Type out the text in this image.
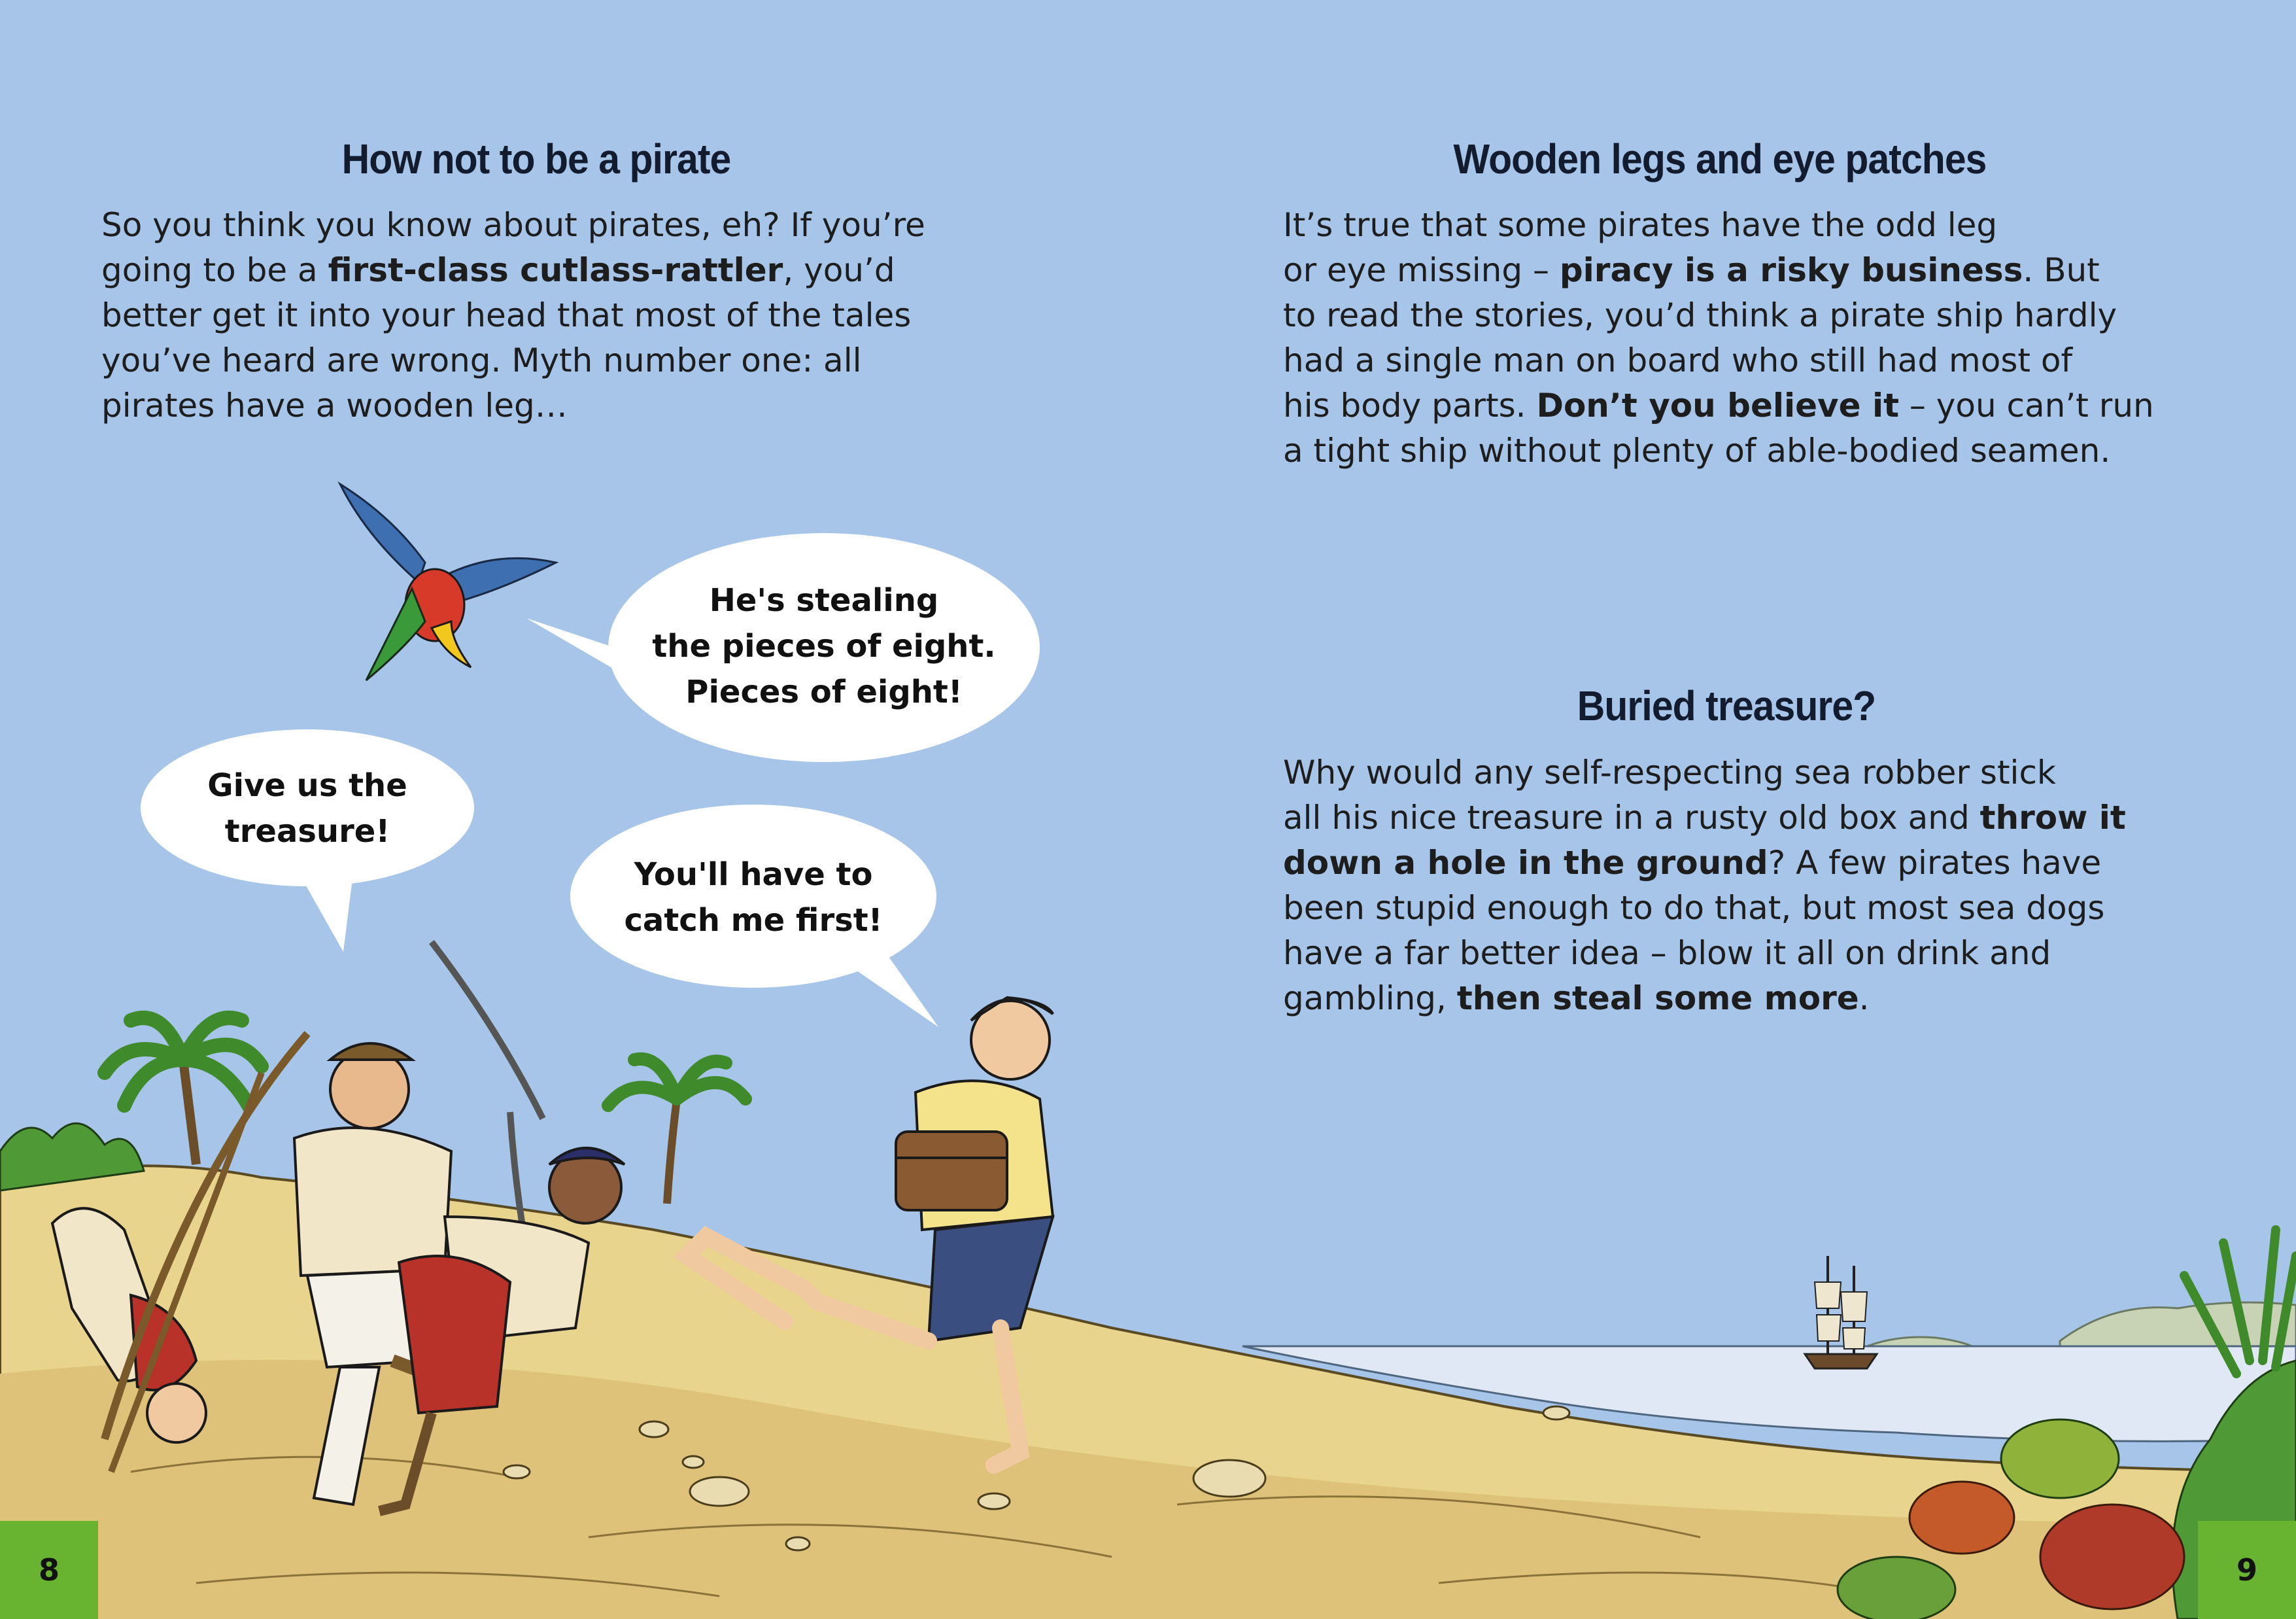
How not to be a pirate
So you think you know about pirates, eh? If you’re
going to be a first-class cutlass-rattler, you’d
better get it into your head that most of the tales
you’ve heard are wrong. Myth number one: all
pirates have a wooden leg…
Wooden legs and eye patches
It’s true that some pirates have the odd leg
or eye missing – piracy is a risky business. But
to read the stories, you’d think a pirate ship hardly
had a single man on board who still had most of
his body parts. Don’t you believe it – you can’t run
a tight ship without plenty of able-bodied seamen.
Buried treasure?
Why would any self-respecting sea robber stick
all his nice treasure in a rusty old box and throw it
down a hole in the ground? A few pirates have
been stupid enough to do that, but most sea dogs
have a far better idea – blow it all on drink and
gambling, then steal some more.
He's stealing
the pieces of eight.
Pieces of eight!
Give us the
treasure!
You'll have to
catch me first!
8	9
